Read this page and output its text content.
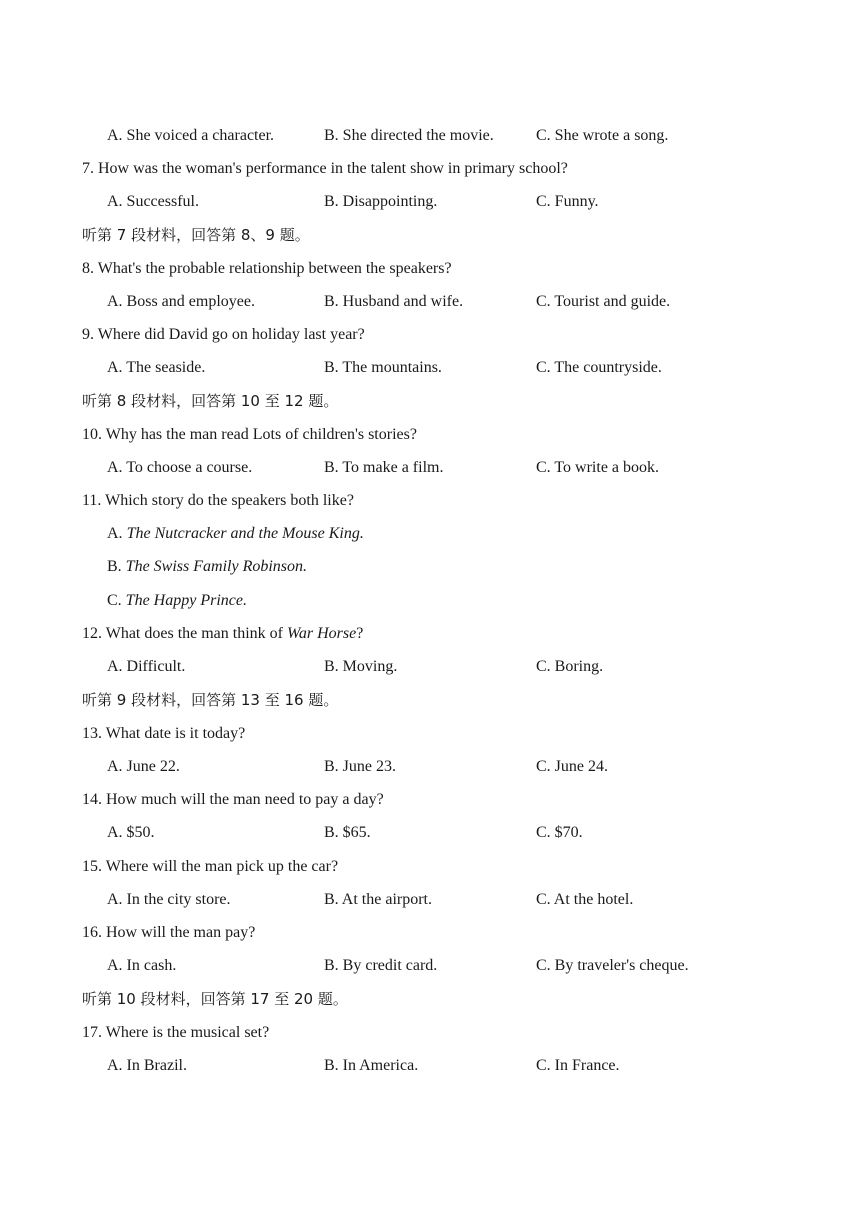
A. She voiced a character.	B. She directed the movie.	C. She wrote a song.
7. How was the woman's performance in the talent show in primary school?
A. Successful.	B. Disappointing.	C. Funny.
听第 7 段材料，回答第 8、9 题。
8. What's the probable relationship between the speakers?
A. Boss and employee.	B. Husband and wife.	C. Tourist and guide.
9. Where did David go on holiday last year?
A. The seaside.	B. The mountains.	C. The countryside.
听第 8 段材料，回答第 10 至 12 题。
10. Why has the man read Lots of children's stories?
A. To choose a course.	B. To make a film.	C. To write a book.
11. Which story do the speakers both like?
A. The Nutcracker and the Mouse King.
B. The Swiss Family Robinson.
C. The Happy Prince.
12. What does the man think of War Horse?
A. Difficult.	B. Moving.	C. Boring.
听第 9 段材料，回答第 13 至 16 题。
13. What date is it today?
A. June 22.	B. June 23.	C. June 24.
14. How much will the man need to pay a day?
A. $50.	B. $65.	C. $70.
15. Where will the man pick up the car?
A. In the city store.	B. At the airport.	C. At the hotel.
16. How will the man pay?
A. In cash.	B. By credit card.	C. By traveler's cheque.
听第 10 段材料，回答第 17 至 20 题。
17. Where is the musical set?
A. In Brazil.	B. In America.	C. In France.
